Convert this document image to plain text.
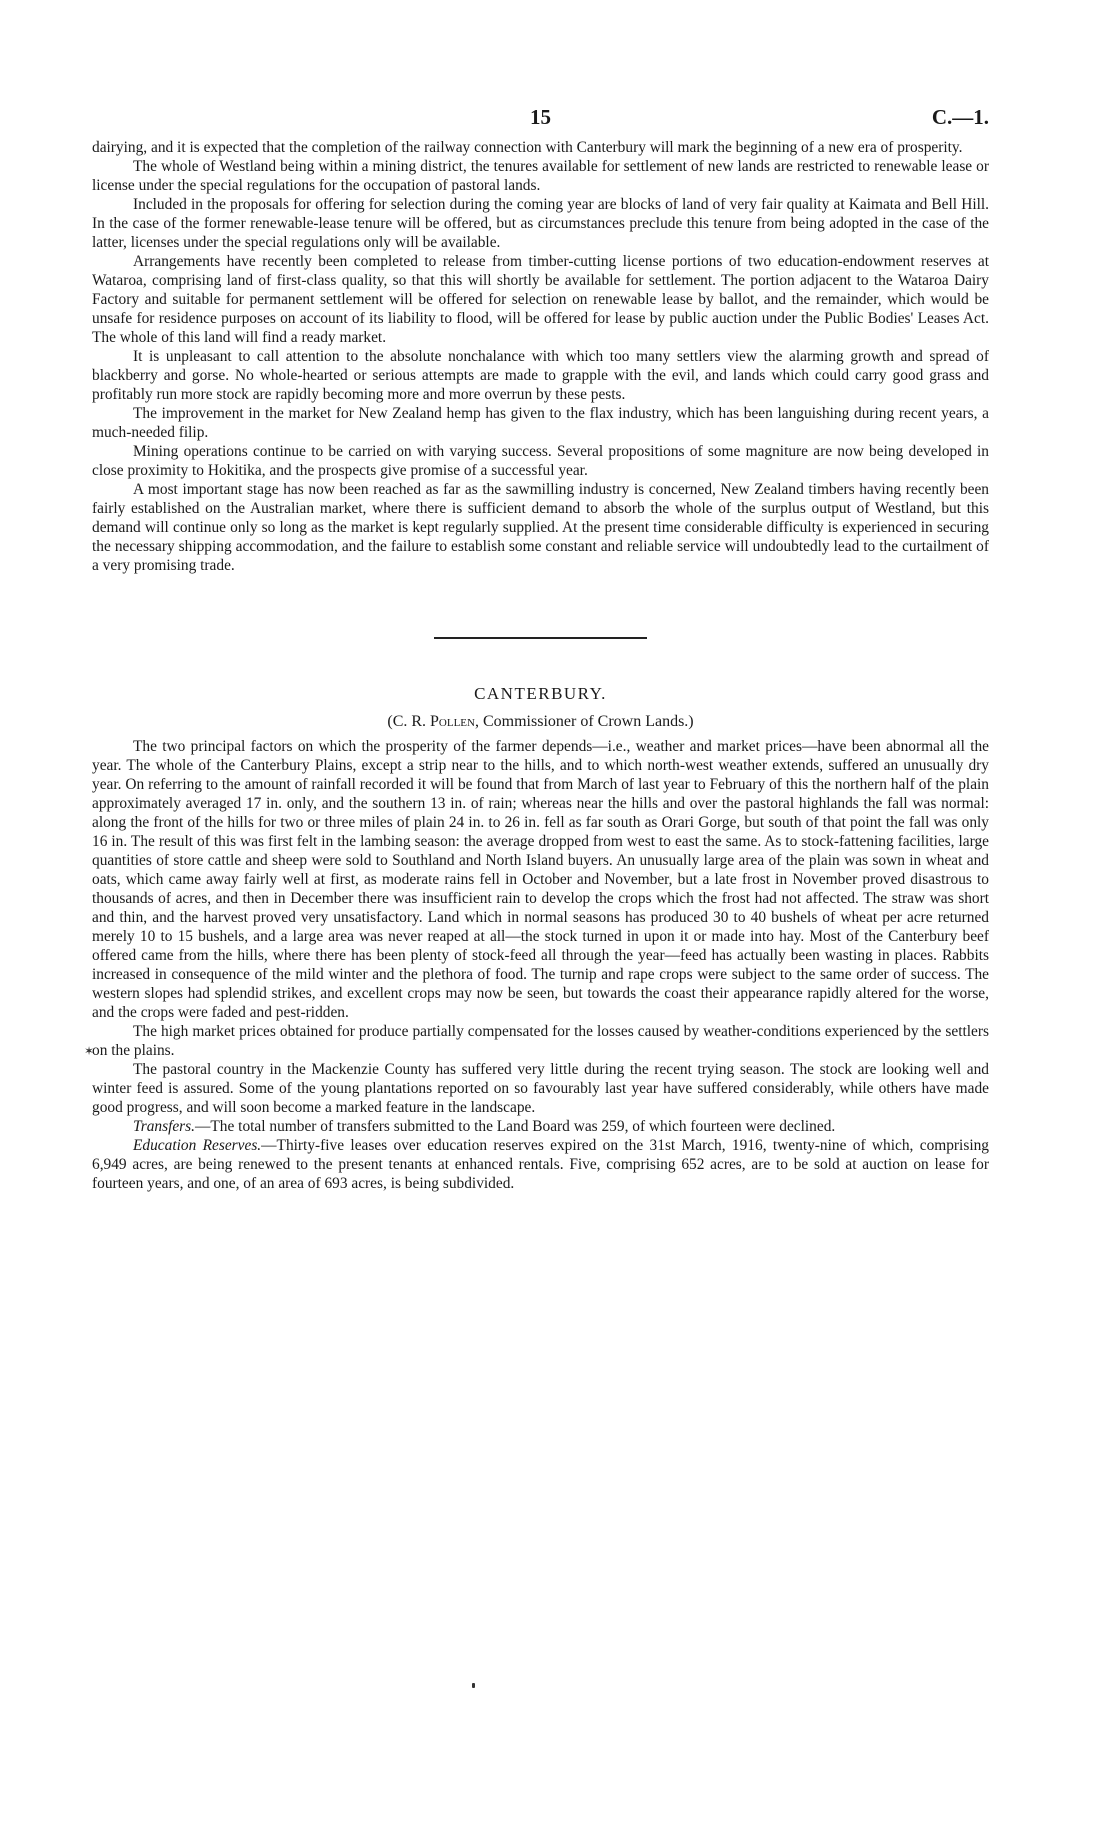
15	C.—1.

dairying, and it is expected that the completion of the railway connection with Canterbury will mark the beginning of a new era of prosperity.

The whole of Westland being within a mining district, the tenures available for settlement of new lands are restricted to renewable lease or license under the special regulations for the occupation of pastoral lands.

Included in the proposals for offering for selection during the coming year are blocks of land of very fair quality at Kaimata and Bell Hill. In the case of the former renewable-lease tenure will be offered, but as circumstances preclude this tenure from being adopted in the case of the latter, licenses under the special regulations only will be available.

Arrangements have recently been completed to release from timber-cutting license portions of two education-endowment reserves at Wataroa, comprising land of first-class quality, so that this will shortly be available for settlement. The portion adjacent to the Wataroa Dairy Factory and suitable for permanent settlement will be offered for selection on renewable lease by ballot, and the remainder, which would be unsafe for residence purposes on account of its liability to flood, will be offered for lease by public auction under the Public Bodies' Leases Act. The whole of this land will find a ready market.

It is unpleasant to call attention to the absolute nonchalance with which too many settlers view the alarming growth and spread of blackberry and gorse. No whole-hearted or serious attempts are made to grapple with the evil, and lands which could carry good grass and profitably run more stock are rapidly becoming more and more overrun by these pests.

The improvement in the market for New Zealand hemp has given to the flax industry, which has been languishing during recent years, a much-needed filip.

Mining operations continue to be carried on with varying success. Several propositions of some magniture are now being developed in close proximity to Hokitika, and the prospects give promise of a successful year.

A most important stage has now been reached as far as the sawmilling industry is concerned, New Zealand timbers having recently been fairly established on the Australian market, where there is sufficient demand to absorb the whole of the surplus output of Westland, but this demand will continue only so long as the market is kept regularly supplied. At the present time considerable difficulty is experienced in securing the necessary shipping accommodation, and the failure to establish some constant and reliable service will undoubtedly lead to the curtailment of a very promising trade.

CANTERBURY.
(C. R. Pollen, Commissioner of Crown Lands.)

The two principal factors on which the prosperity of the farmer depends—i.e., weather and market prices—have been abnormal all the year. The whole of the Canterbury Plains, except a strip near to the hills, and to which north-west weather extends, suffered an unusually dry year. On referring to the amount of rainfall recorded it will be found that from March of last year to February of this the northern half of the plain approximately averaged 17 in. only, and the southern 13 in. of rain; whereas near the hills and over the pastoral highlands the fall was normal: along the front of the hills for two or three miles of plain 24 in. to 26 in. fell as far south as Orari Gorge, but south of that point the fall was only 16 in. The result of this was first felt in the lambing season: the average dropped from west to east the same. As to stock-fattening facilities, large quantities of store cattle and sheep were sold to Southland and North Island buyers. An unusually large area of the plain was sown in wheat and oats, which came away fairly well at first, as moderate rains fell in October and November, but a late frost in November proved disastrous to thousands of acres, and then in December there was insufficient rain to develop the crops which the frost had not affected. The straw was short and thin, and the harvest proved very unsatisfactory. Land which in normal seasons has produced 30 to 40 bushels of wheat per acre returned merely 10 to 15 bushels, and a large area was never reaped at all—the stock turned in upon it or made into hay. Most of the Canterbury beef offered came from the hills, where there has been plenty of stock-feed all through the year—feed has actually been wasting in places. Rabbits increased in consequence of the mild winter and the plethora of food. The turnip and rape crops were subject to the same order of success. The western slopes had splendid strikes, and excellent crops may now be seen, but towards the coast their appearance rapidly altered for the worse, and the crops were faded and pest-ridden.

The high market prices obtained for produce partially compensated for the losses caused by weather-conditions experienced by the settlers on the plains.

The pastoral country in the Mackenzie County has suffered very little during the recent trying season. The stock are looking well and winter feed is assured. Some of the young plantations reported on so favourably last year have suffered considerably, while others have made good progress, and will soon become a marked feature in the landscape.

Transfers.—The total number of transfers submitted to the Land Board was 259, of which fourteen were declined.

Education Reserves.—Thirty-five leases over education reserves expired on the 31st March, 1916, twenty-nine of which, comprising 6,949 acres, are being renewed to the present tenants at enhanced rentals. Five, comprising 652 acres, are to be sold at auction on lease for fourteen years, and one, of an area of 693 acres, is being subdivided.

✶
